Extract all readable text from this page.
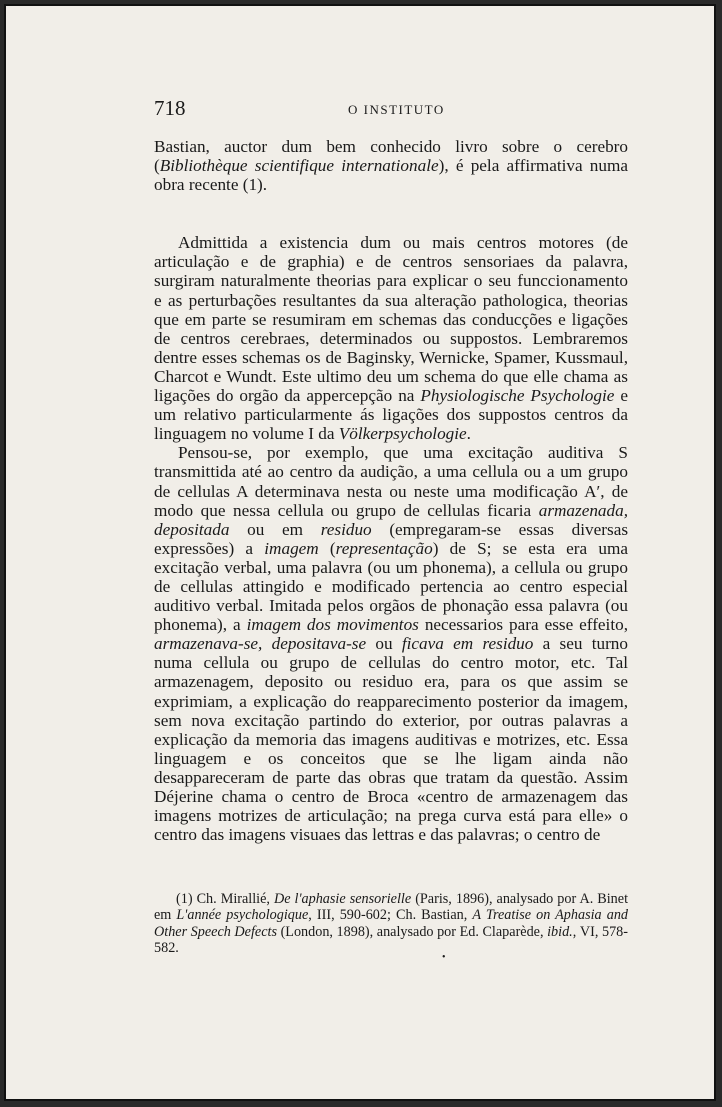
718	O INSTITUTO

Bastian, auctor dum bem conhecido livro sobre o cerebro (Bibliothèque scientifique internationale), é pela affirmativa numa obra recente (1).

Admittida a existencia dum ou mais centros motores (de articulação e de graphia) e de centros sensoriaes da palavra, surgiram naturalmente theorias para explicar o seu funccionamento e as perturbações resultantes da sua alteração pathologica, theorias que em parte se resumiram em schemas das conducções e ligações de centros cerebraes, determinados ou suppostos. Lembraremos dentre esses schemas os de Baginsky, Wernicke, Spamer, Kussmaul, Charcot e Wundt. Este ultimo deu um schema do que elle chama as ligações do orgão da appercepção na Physiologische Psychologie e um relativo particularmente ás ligações dos suppostos centros da linguagem no volume I da Völkerpsychologie.

Pensou-se, por exemplo, que uma excitação auditiva S transmittida até ao centro da audição, a uma cellula ou a um grupo de cellulas A determinava nesta ou neste uma modificação A′, de modo que nessa cellula ou grupo de cellulas ficaria armazenada, depositada ou em residuo (empregaram-se essas diversas expressões) a imagem (representação) de S; se esta era uma excitação verbal, uma palavra (ou um phonema), a cellula ou grupo de cellulas attingido e modificado pertencia ao centro especial auditivo verbal. Imitada pelos orgãos de phonação essa palavra (ou phonema), a imagem dos movimentos necessarios para esse effeito, armazenava-se, depositava-se ou ficava em residuo a seu turno numa cellula ou grupo de cellulas do centro motor, etc. Tal armazenagem, deposito ou residuo era, para os que assim se exprimiam, a explicação do reapparecimento posterior da imagem, sem nova excitação partindo do exterior, por outras palavras a explicação da memoria das imagens auditivas e motrizes, etc. Essa linguagem e os conceitos que se lhe ligam ainda não desappareceram de parte das obras que tratam da questão. Assim Déjerine chama o centro de Broca «centro de armazenagem das imagens motrizes de articulação; na prega curva está para elle» o centro das imagens visuaes das lettras e das palavras; o centro de

(1) Ch. Mirallié, De l'aphasie sensorielle (Paris, 1896), analysado por A. Binet em L'année psychologique, III, 590-602; Ch. Bastian, A Treatise on Aphasia and Other Speech Defects (London, 1898), analysado por Ed. Claparède, ibid., VI, 578-582.

•
